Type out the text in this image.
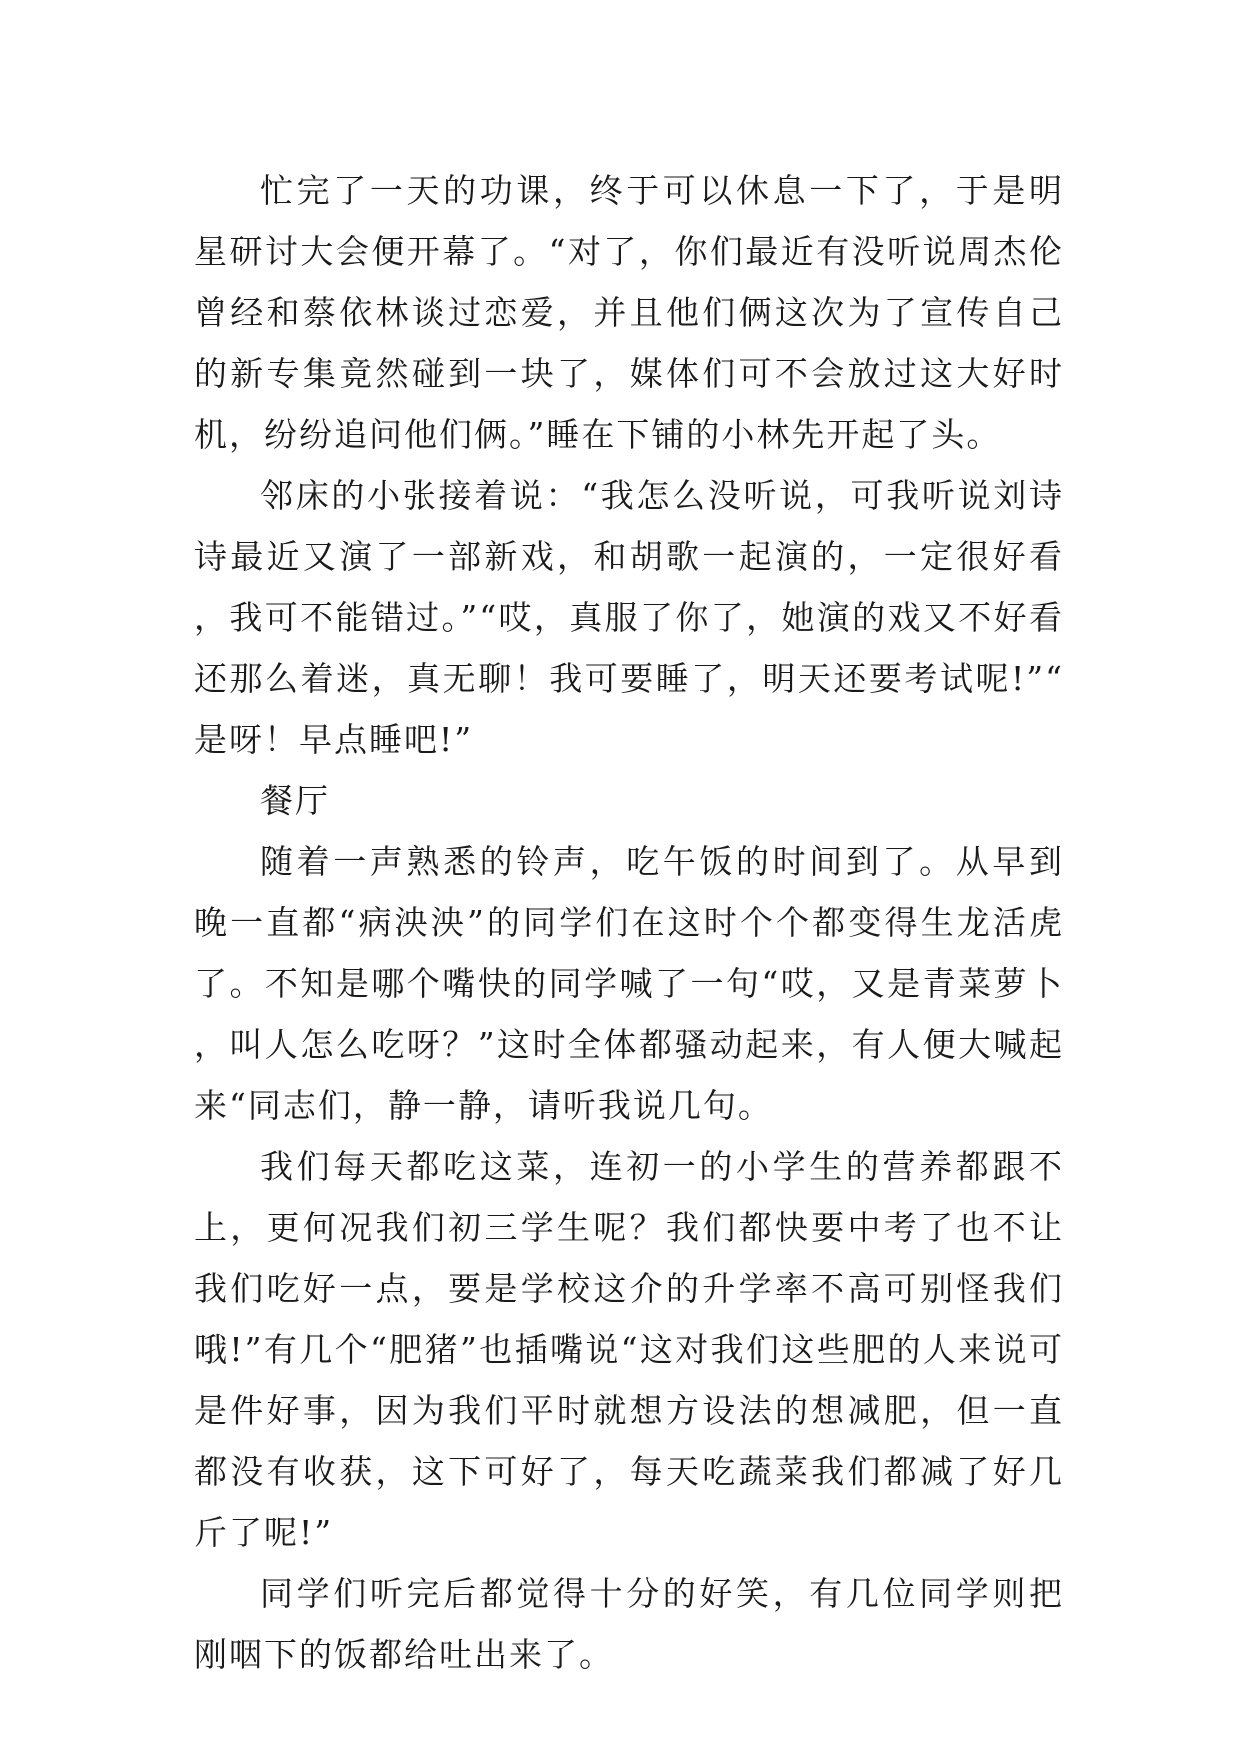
忙完了一天的功课，终于可以休息一下了，于是明星研讨大会便开幕了。“对了，你们最近有没听说周杰伦曾经和蔡依林谈过恋爱，并且他们俩这次为了宣传自己的新专集竟然碰到一块了，媒体们可不会放过这大好时机，纷纷追问他们俩。”睡在下铺的小林先开起了头。

邻床的小张接着说：“我怎么没听说，可我听说刘诗诗最近又演了一部新戏，和胡歌一起演的，一定很好看，我可不能错过。”“哎，真服了你了，她演的戏又不好看还那么着迷，真无聊！我可要睡了，明天还要考试呢!”“是呀！早点睡吧!”

餐厅

随着一声熟悉的铃声，吃午饭的时间到了。从早到晚一直都“病泱泱”的同学们在这时个个都变得生龙活虎了。不知是哪个嘴快的同学喊了一句“哎，又是青菜萝卜，叫人怎么吃呀？”这时全体都骚动起来，有人便大喊起来“同志们，静一静，请听我说几句。

我们每天都吃这菜，连初一的小学生的营养都跟不上，更何况我们初三学生呢？我们都快要中考了也不让我们吃好一点，要是学校这介的升学率不高可别怪我们哦!”有几个“肥猪”也插嘴说“这对我们这些肥的人来说可是件好事，因为我们平时就想方设法的想减肥，但一直都没有收获，这下可好了，每天吃蔬菜我们都减了好几斤了呢!”

同学们听完后都觉得十分的好笑，有几位同学则把刚咽下的饭都给吐出来了。
